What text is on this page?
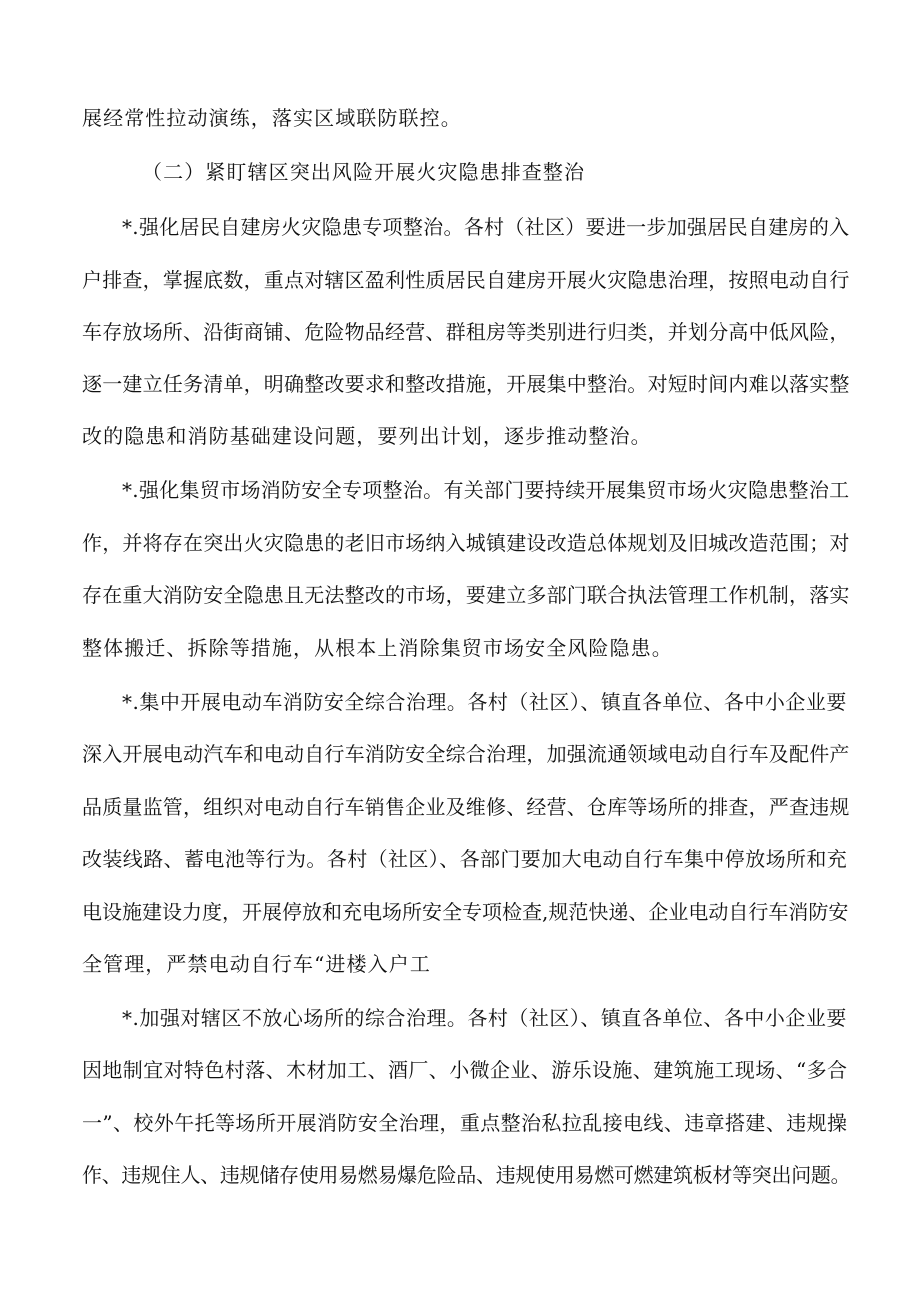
展经常性拉动演练，落实区域联防联控。
（二）紧盯辖区突出风险开展火灾隐患排查整治
*.强化居民自建房火灾隐患专项整治。各村（社区）要进一步加强居民自建房的入
户排查，掌握底数，重点对辖区盈利性质居民自建房开展火灾隐患治理，按照电动自行
车存放场所、沿街商铺、危险物品经营、群租房等类别进行归类，并划分高中低风险，
逐一建立任务清单，明确整改要求和整改措施，开展集中整治。对短时间内难以落实整
改的隐患和消防基础建设问题，要列出计划，逐步推动整治。
*.强化集贸市场消防安全专项整治。有关部门要持续开展集贸市场火灾隐患整治工
作，并将存在突出火灾隐患的老旧市场纳入城镇建设改造总体规划及旧城改造范围；对
存在重大消防安全隐患且无法整改的市场，要建立多部门联合执法管理工作机制，落实
整体搬迁、拆除等措施，从根本上消除集贸市场安全风险隐患。
*.集中开展电动车消防安全综合治理。各村（社区）、镇直各单位、各中小企业要
深入开展电动汽车和电动自行车消防安全综合治理，加强流通领域电动自行车及配件产
品质量监管，组织对电动自行车销售企业及维修、经营、仓库等场所的排查，严查违规
改装线路、蓄电池等行为。各村（社区）、各部门要加大电动自行车集中停放场所和充
电设施建设力度，开展停放和充电场所安全专项检查,规范快递、企业电动自行车消防安
全管理，严禁电动自行车“进楼入户工
*.加强对辖区不放心场所的综合治理。各村（社区）、镇直各单位、各中小企业要
因地制宜对特色村落、木材加工、酒厂、小微企业、游乐设施、建筑施工现场、“多合
一”、校外午托等场所开展消防安全治理，重点整治私拉乱接电线、违章搭建、违规操
作、违规住人、违规储存使用易燃易爆危险品、违规使用易燃可燃建筑板材等突出问题。
